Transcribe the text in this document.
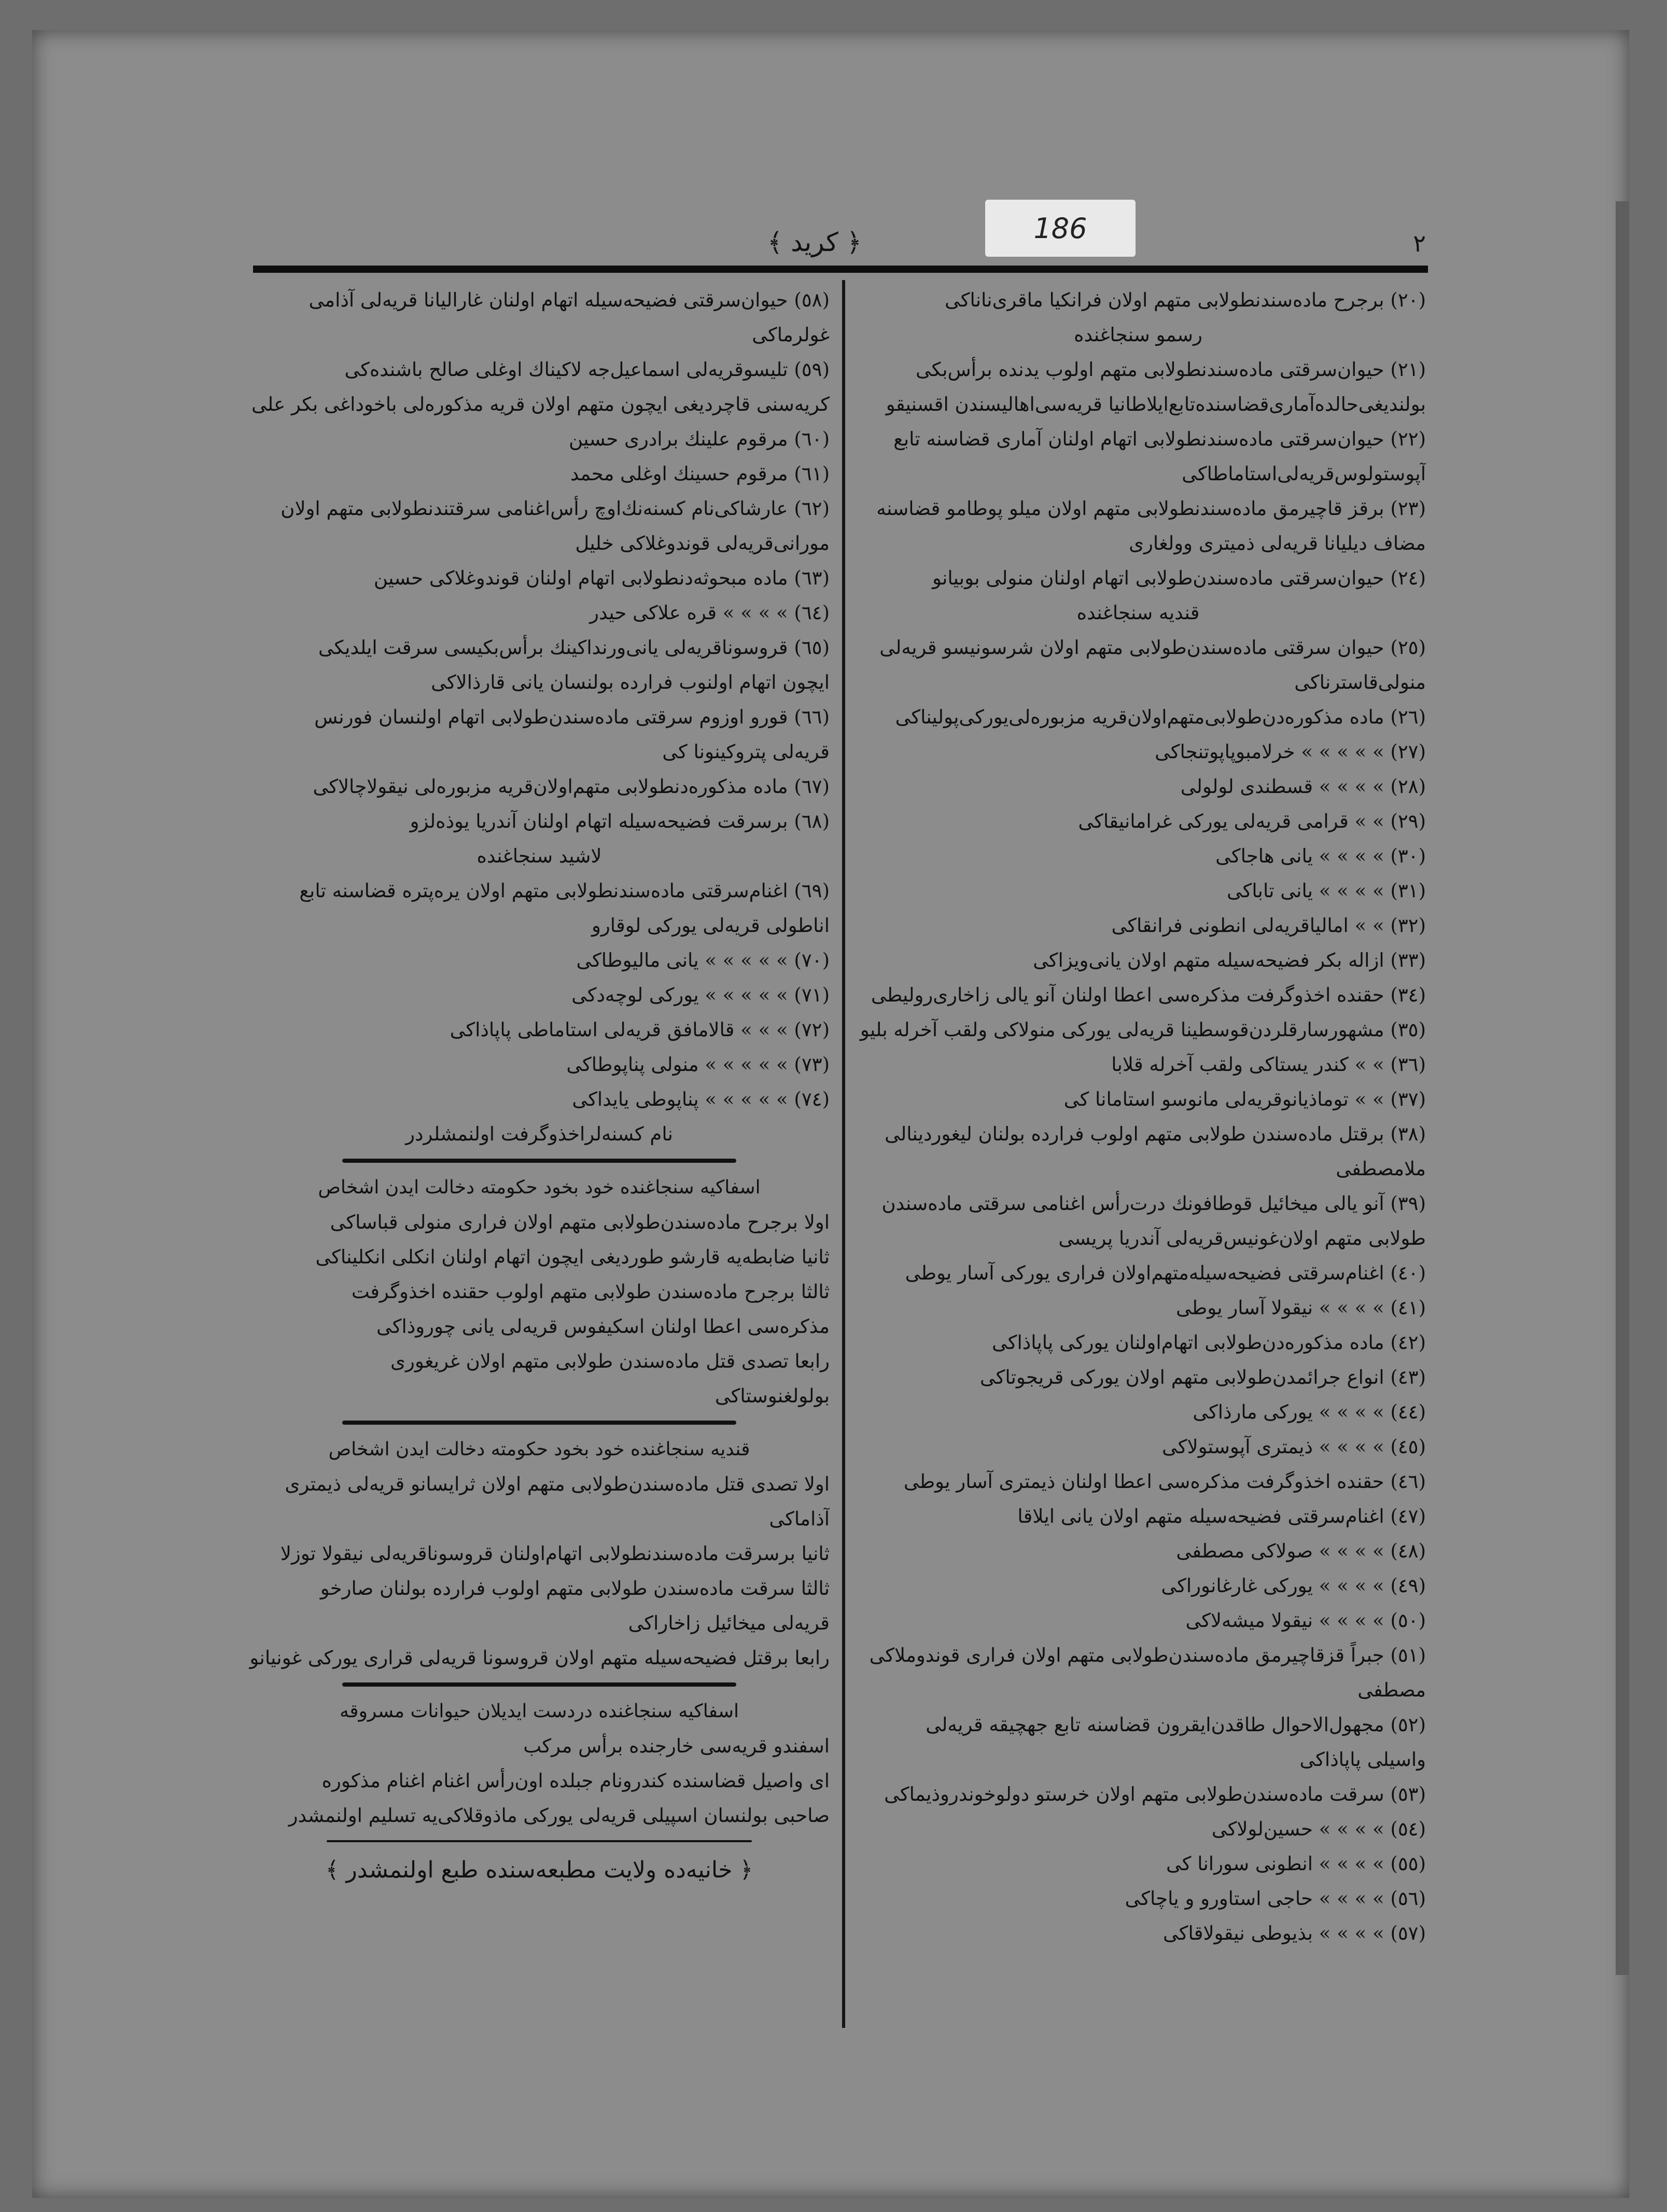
٢
﴿ کريد ﴾	186
(٢٠) برجرح ماده‌سندنطولابی متهم اولان فرانکیا ماقری‌ناناکی
رسمو سنجاغنده
(٢١) حیوان‌سرقتی ماده‌سندنطولابی متهم اولوب یدنده برأس‌بکی
بولندیغی‌حالده‌آماری‌قضاسنده‌تابع‌ایلاطانیا قریه‌سی‌اهالیسندن اقسنیقو
(٢٢) حیوان‌سرقتی ماده‌سندنطولابی اتهام اولنان آماری قضاسنه تابع
آپوستولوس‌قریه‌لی‌استاماطاکی
(٢٣) برقز قاچیرمق ماده‌سندنطولابی متهم اولان میلو پوطامو قضاسنه
مضاف دیلیانا قریه‌لی ذمیتری وولغاری
(٢٤) حیوان‌سرقتی ماده‌سندن‌طولابی اتهام اولنان منولی بوبیانو
قندیه سنجاغنده
(٢٥) حیوان سرقتی ماده‌سندن‌طولابی متهم اولان شرسونیسو قریه‌لی
منولی‌قاسترناکی
(٢٦) ماده مذکوره‌دن‌طولابی‌متهم‌اولان‌قریه مزبوره‌لی‌یورکی‌پولیناکی
(٢٧) » » » » » خرلامبو‌پاپوتنجاکی
(٢٨) » » » » قسطندی لولولی
(٢٩) » » قرامی قریه‌لی یورکی غرامانیقاکی
(٣٠) » » » » یانی هاجاکی
(٣١) » » » » یانی تاباکی
(٣٢) » » امالیاقریه‌لی انطونی فرانقاکی
(٣٣) ازاله بکر فضیحه‌سیله متهم اولان یانی‌ویزاکی
(٣٤) حقنده اخذوگرفت مذکره‌سی اعطا اولنان آنو یالی زاخاری‌رولیطی
(٣٥) مشهورسارقلردن‌قوسطینا قریه‌لی یورکی منولاکی ولقب آخرله بلیو
(٣٦) » » کندر یستاکی ولقب آخرله قلابا
(٣٧) » » توماذیانوقریه‌لی مانوسو استامانا کی
(٣٨) برقتل ماده‌سندن طولابی متهم اولوب فرارده بولنان لیغوردینالی
ملامصطفی
(٣٩) آنو یالی میخائیل قوطافونك درت‌رأس اغنامی سرقتی ماده‌سندن
طولابی متهم اولان‌غونیس‌قریه‌لی آندریا پریسی
(٤٠) اغنام‌سرقتی فضیحه‌سیله‌متهم‌اولان فراری یورکی آسار یوطی
(٤١) » » » » نیقولا آسار یوطی
(٤٢) ماده مذکوره‌دن‌طولابی اتهام‌اولنان یورکی پاپاذاکی
(٤٣) انواع جرائمدن‌طولابی متهم اولان یورکی قریجوتاکی
(٤٤) » » » » یورکی مارذاکی
(٤٥) » » » » ذیمتری آپوستولاکی
(٤٦) حقنده اخذوگرفت مذکره‌سی اعطا اولنان ذیمتری آسار یوطی
(٤٧) اغنام‌سرقتی فضیحه‌سیله متهم اولان یانی ایلاقا
(٤٨) » » » » صولاکی مصطفی
(٤٩) » » » » یورکی غارغانوراکی
(٥٠) » » » » نیقولا میشه‌لاکی
(٥١) جبراً قزقاچیرمق ماده‌سندن‌طولابی متهم اولان فراری قوندوملاکی
مصطفی
(٥٢) مجهول‌الاحوال طاقدن‌ایقرون قضاسنه تابع جهچیقه قریه‌لی
واسیلی پاپاذاکی
(٥٣) سرقت ماده‌سندن‌طولابی متهم اولان خرستو دولوخوندروذیماکی
(٥٤) » » » » حسین‌لولاکی
(٥٥) » » » » انطونی سورانا کی
(٥٦) » » » » حاجی استاورو و یاچاکی
(٥٧) » » » » بذیوطی نیقولاقاکی
(٥٨) حیوان‌سرقتی فضیحه‌سیله اتهام اولنان غارالیانا قریه‌لی آذامی
غولرماکی
(٥٩) تلیسوقریه‌لی اسماعیل‌جه لاکیناك اوغلی صالح باشنده‌کی
کریه‌سنی قاچردیغی ایچون متهم اولان قریه مذکوره‌لی باخوداغی بکر علی
(٦٠) مرقوم علینك برادری حسین
(٦١) مرقوم حسینك اوغلی محمد
(٦٢) عارشاکی‌نام کسنه‌نك‌اوچ رأس‌اغنامی سرقتندنطولابی متهم اولان
مورانی‌قریه‌لی قوندوغلاکی خلیل
(٦٣) ماده مبحوثه‌دنطولابی اتهام اولنان قوندوغلاکی حسین
(٦٤) » » » » قره علاکی حیدر
(٦٥) قروسوناقریه‌لی یانی‌ورنداکینك برأس‌بکیسی سرقت ایلدیکی
ایچون اتهام اولنوب فرارده بولنسان یانی قارذالاکی
(٦٦) قورو اوزوم سرقتی ماده‌سندن‌طولابی اتهام اولنسان فورنس
قریه‌لی پتروکینونا کی
(٦٧) ماده مذکوره‌دنطولابی متهم‌اولان‌قریه مزبوره‌لی نیقولاچالاکی
(٦٨) برسرقت فضیحه‌سیله اتهام اولنان آندریا یوذه‌لزو
لاشید سنجاغنده
(٦٩) اغنام‌سرقتی ماده‌سندنطولابی متهم اولان یره‌پتره قضاسنه تابع
اناطولی قریه‌لی یورکی لوقارو
(٧٠) » » » » » یانی مالیوطاکی
(٧١) » » » » » یورکی لوچه‌دکی
(٧٢) » » » قالامافق قریه‌لی استاماطی پاپاذاکی
(٧٣) » » » » » منولی پناپوطاکی
(٧٤) » » » » » پناپوطی یایداکی
نام کسنه‌لراخذوگرفت اولنمشلردر
اسفاکیه سنجاغنده خود بخود حکومته دخالت ایدن اشخاص
اولا برجرح ماده‌سندن‌طولابی متهم اولان فراری منولی قباساکی
ثانیا ضابطه‌یه قارشو طوردیغی ایچون اتهام اولنان انکلی انکلیناکی
ثالثا برجرح ماده‌سندن طولابی متهم اولوب حقنده اخذوگرفت
مذکره‌سی اعطا اولنان اسکیفوس قریه‌لی یانی چوروذاکی
رابعا تصدی قتل ماده‌سندن طولابی متهم اولان غریغوری
بولولغنوستاکی
قندیه سنجاغنده خود بخود حکومته دخالت ایدن اشخاص
اولا تصدی قتل ماده‌سندن‌طولابی متهم اولان ثرایسانو قریه‌لی ذیمتری
آذاماکی
ثانیا برسرقت ماده‌سندنطولابی اتهام‌اولنان قروسوناقریه‌لی نیقولا توزلا
ثالثا سرقت ماده‌سندن طولابی متهم اولوب فرارده بولنان صارخو
قریه‌لی میخائیل زاخاراکی
رابعا برقتل فضیحه‌سیله متهم اولان قروسونا قریه‌لی قراری یورکی غونیانو
اسفاکیه سنجاغنده دردست ایدیلان حیوانات مسروقه
اسفندو قریه‌سی خارجنده برأس مرکب
ای واصیل قضاسنده کندرونام جبلده اون‌رأس اغنام اغنام مذکوره
صاحبی بولنسان اسپیلی قریه‌لی یورکی ماذوقلاکی‌یه تسلیم اولنمشدر
﴿ خانیه‌ده ولایت مطبعه‌سنده طبع اولنمشدر ﴾
